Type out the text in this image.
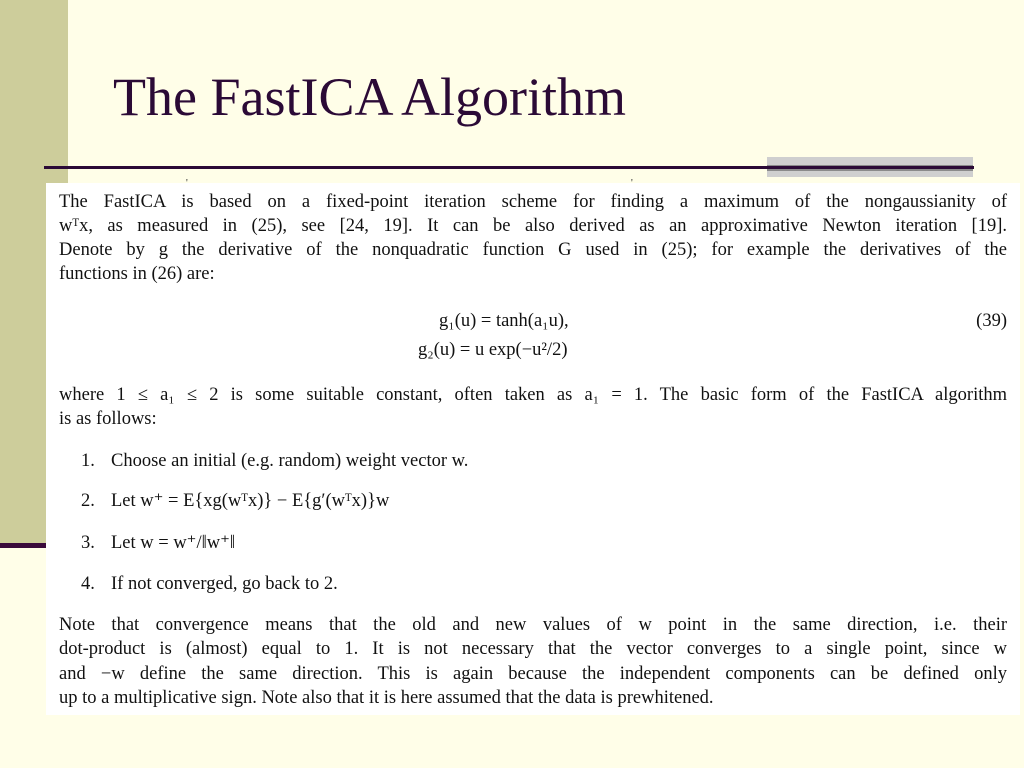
The FastICA Algorithm
'	'
The FastICA is based on a fixed-point iteration scheme for finding a maximum of the nongaussianity of
wᵀx, as measured in (25), see [24, 19]. It can be also derived as an approximative Newton iteration [19].
Denote by g the derivative of the nonquadratic function G used in (25); for example the derivatives of the
functions in (26) are:
g₁(u) = tanh(a₁u),	(39)
g₂(u) = u exp(−u²/2)
where 1 ≤ a₁ ≤ 2 is some suitable constant, often taken as a₁ = 1. The basic form of the FastICA algorithm
is as follows:
1. Choose an initial (e.g. random) weight vector w.
2. Let w⁺ = E{xg(wᵀx)} − E{g′(wᵀx)}w
3. Let w = w⁺/‖w⁺‖
4. If not converged, go back to 2.
Note that convergence means that the old and new values of w point in the same direction, i.e. their
dot-product is (almost) equal to 1. It is not necessary that the vector converges to a single point, since w
and −w define the same direction. This is again because the independent components can be defined only
up to a multiplicative sign. Note also that it is here assumed that the data is prewhitened.
